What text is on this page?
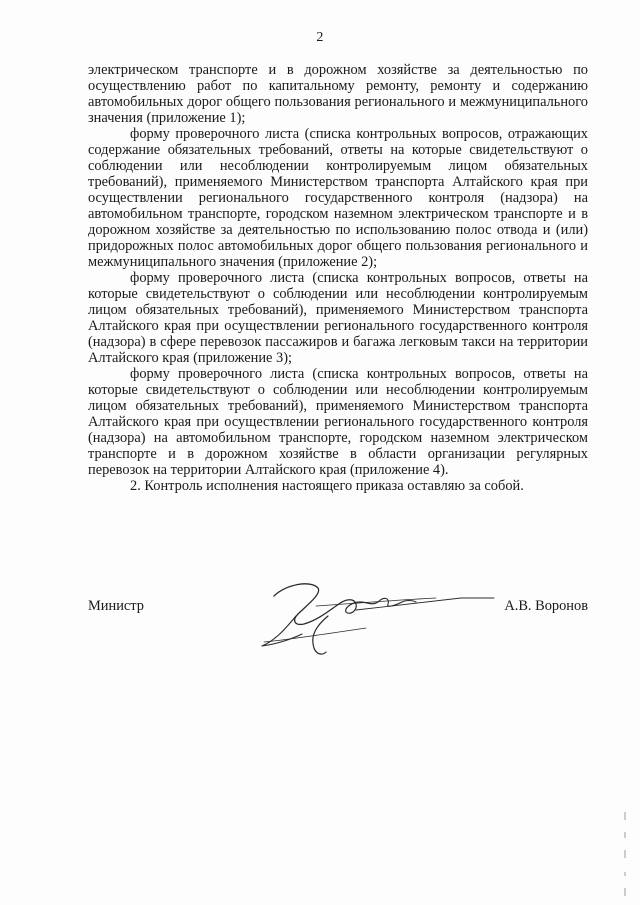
2

электрическом транспорте и в дорожном хозяйстве за деятельностью по осуществлению работ по капитальному ремонту, ремонту и содержанию автомобильных дорог общего пользования регионального и межмуниципального значения (приложение 1);

форму проверочного листа (списка контрольных вопросов, отражающих содержание обязательных требований, ответы на которые свидетельствуют о соблюдении или несоблюдении контролируемым лицом обязательных требований), применяемого Министерством транспорта Алтайского края при осуществлении регионального государственного контроля (надзора) на автомобильном транспорте, городском наземном электрическом транспорте и в дорожном хозяйстве за деятельностью по использованию полос отвода и (или) придорожных полос автомобильных дорог общего пользования регионального и межмуниципального значения (приложение 2);

форму проверочного листа (списка контрольных вопросов, ответы на которые свидетельствуют о соблюдении или несоблюдении контролируемым лицом обязательных требований), применяемого Министерством транспорта Алтайского края при осуществлении регионального государственного контроля (надзора) в сфере перевозок пассажиров и багажа легковым такси на территории Алтайского края (приложение 3);

форму проверочного листа (списка контрольных вопросов, ответы на которые свидетельствуют о соблюдении или несоблюдении контролируемым лицом обязательных требований), применяемого Министерством транспорта Алтайского края при осуществлении регионального государственного контроля (надзора) на автомобильном транспорте, городском наземном электрическом транспорте и в дорожном хозяйстве в области организации регулярных перевозок на территории Алтайского края (приложение 4).

2. Контроль исполнения настоящего приказа оставляю за собой.

Министр	А.В. Воронов
